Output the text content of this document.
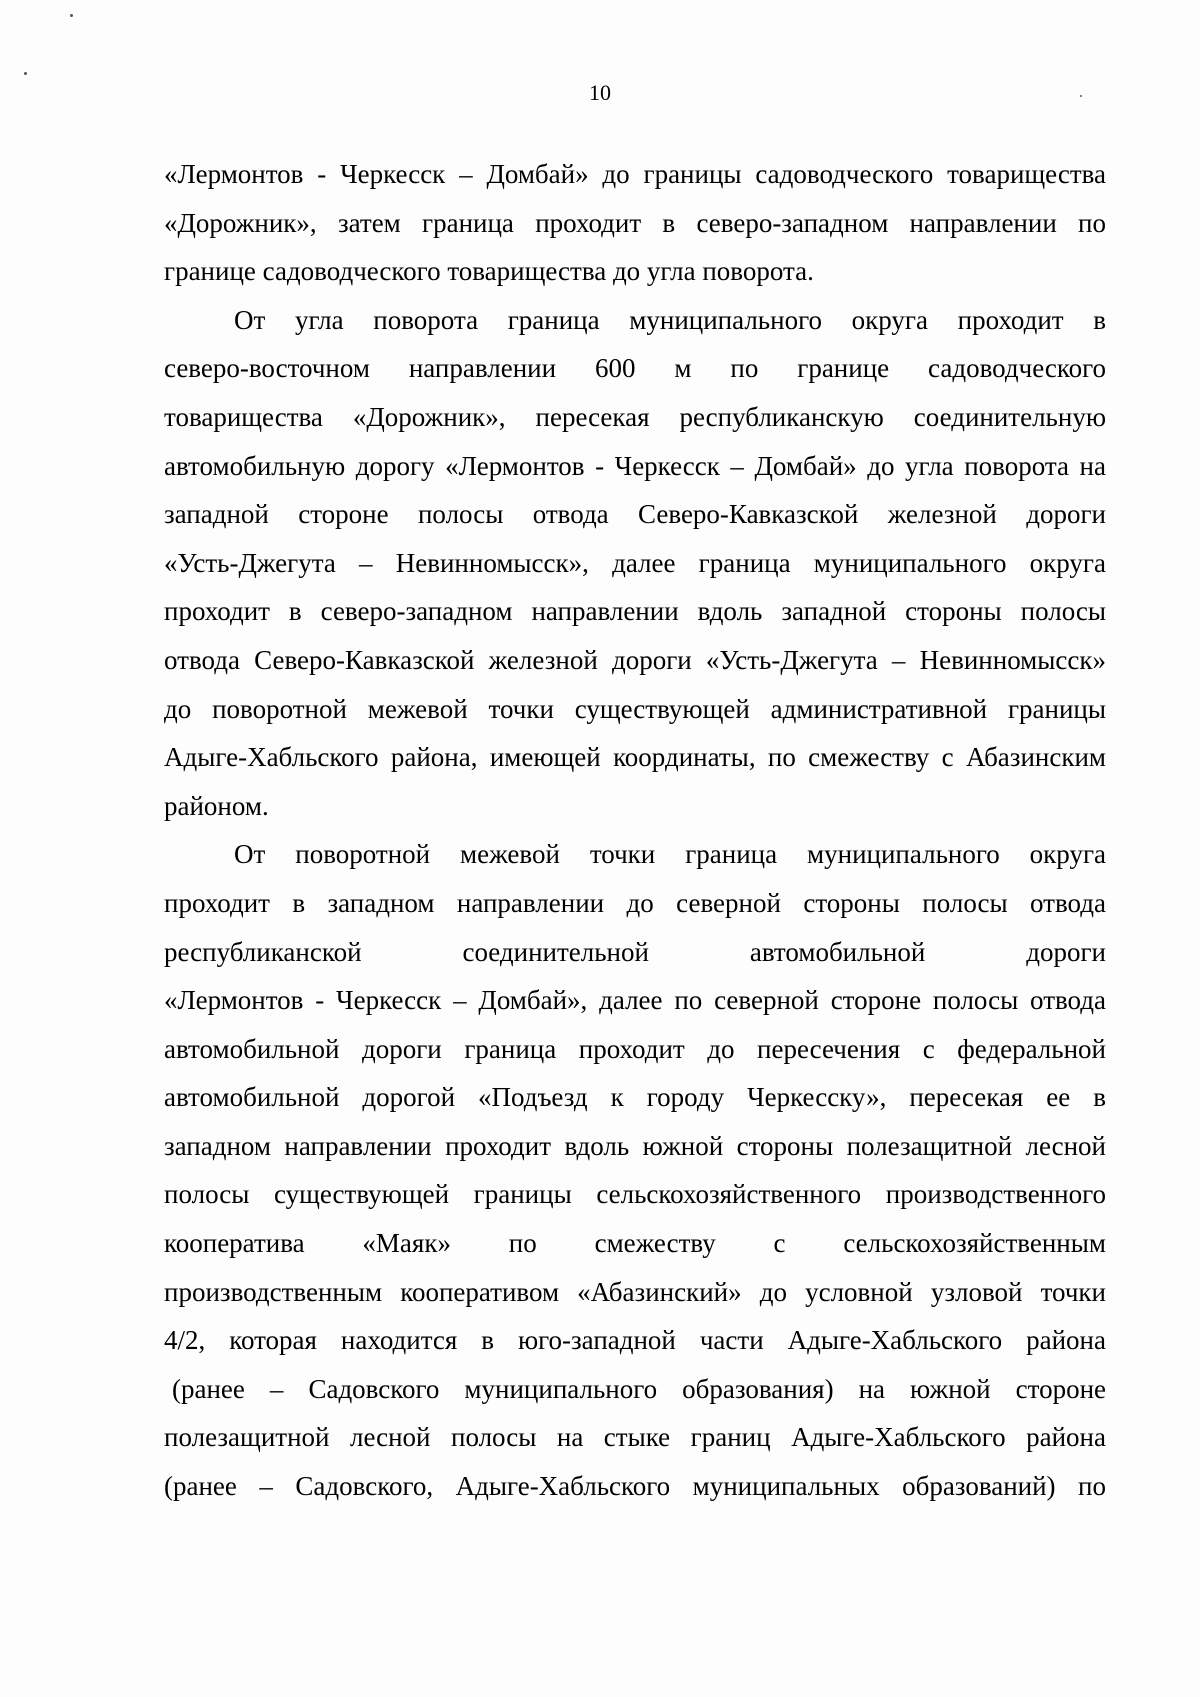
10
«Лермонтов - Черкесск – Домбай» до границы садоводческого товарищества
«Дорожник», затем граница проходит в северо-западном направлении по
границе садоводческого товарищества до угла поворота.
От угла поворота граница муниципального округа проходит в
северо-восточном направлении 600 м по границе садоводческого
товарищества «Дорожник», пересекая республиканскую соединительную
автомобильную дорогу «Лермонтов - Черкесск – Домбай» до угла поворота на
западной стороне полосы отвода Северо-Кавказской железной дороги
«Усть-Джегута – Невинномысск», далее граница муниципального округа
проходит в северо-западном направлении вдоль западной стороны полосы
отвода Северо-Кавказской железной дороги «Усть-Джегута – Невинномысск»
до поворотной межевой точки существующей административной границы
Адыге-Хабльского района, имеющей координаты, по смежеству с Абазинским
районом.
От поворотной межевой точки граница муниципального округа
проходит в западном направлении до северной стороны полосы отвода
республиканской соединительной автомобильной дороги
«Лермонтов - Черкесск – Домбай», далее по северной стороне полосы отвода
автомобильной дороги граница проходит до пересечения с федеральной
автомобильной дорогой «Подъезд к городу Черкесску», пересекая ее в
западном направлении проходит вдоль южной стороны полезащитной лесной
полосы существующей границы сельскохозяйственного производственного
кооператива «Маяк» по смежеству с сельскохозяйственным
производственным кооперативом «Абазинский» до условной узловой точки
4/2, которая находится в юго-западной части Адыге-Хабльского района
(ранее – Садовского муниципального образования) на южной стороне
полезащитной лесной полосы на стыке границ Адыге-Хабльского района
(ранее – Садовского, Адыге-Хабльского муниципальных образований) по
